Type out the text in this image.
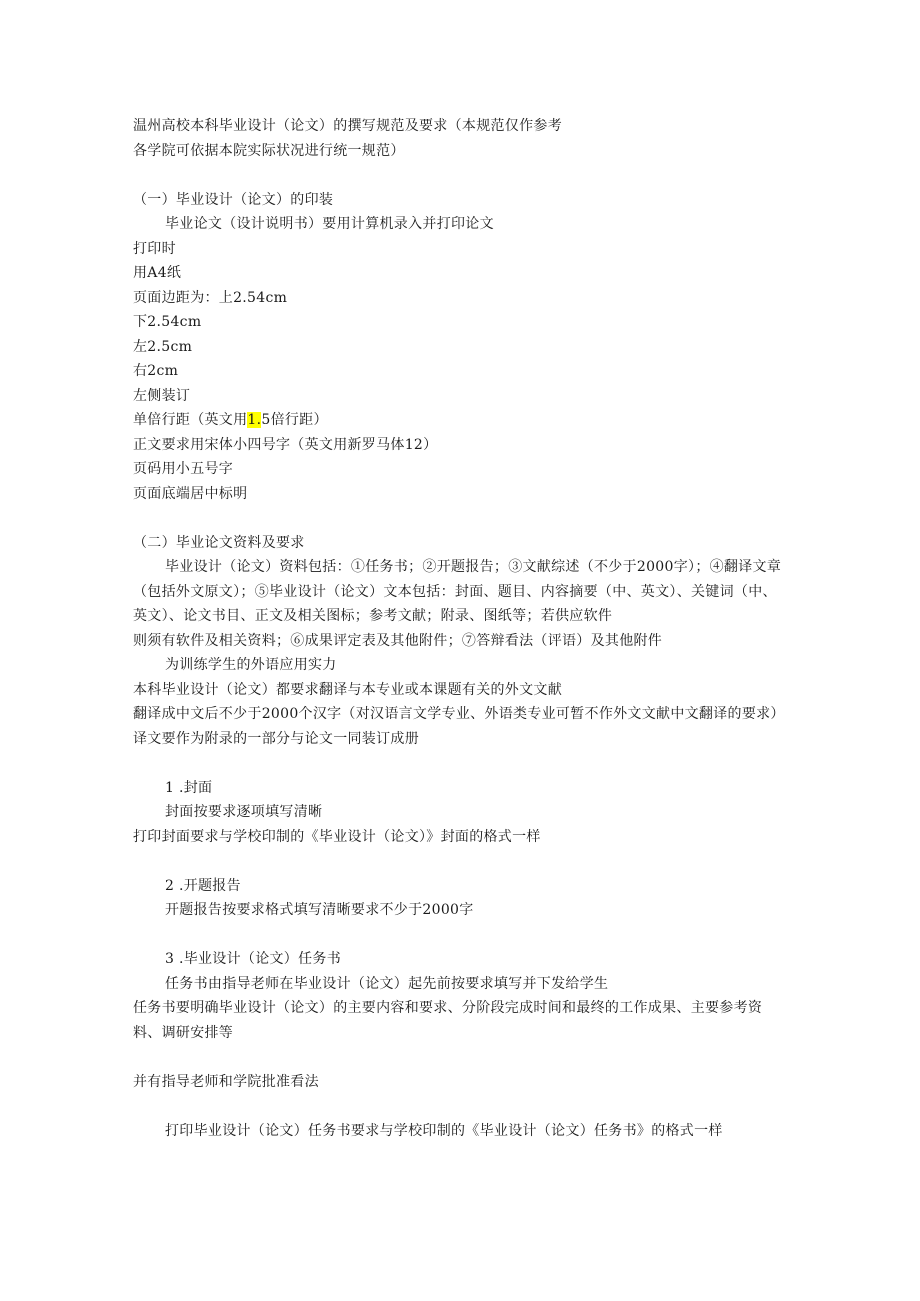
温州高校本科毕业设计（论文）的撰写规范及要求（本规范仅作参考

各学院可依据本院实际状况进行统一规范）

（一）毕业设计（论文）的印装

毕业论文（设计说明书）要用计算机录入并打印论文

打印时

用A4纸

页面边距为：上2.54cm

下2.54cm

左2.5cm

右2cm

左侧装订

单倍行距（英文用1.5倍行距）

正文要求用宋体小四号字（英文用新罗马体12）

页码用小五号字

页面底端居中标明

（二）毕业论文资料及要求

毕业设计（论文）资料包括：①任务书；②开题报告；③文献综述（不少于2000字）；④翻译文章（包括外文原文）；⑤毕业设计（论文）文本包括：封面、题目、内容摘要（中、英文）、关键词（中、英文）、论文书目、正文及相关图标；参考文献；附录、图纸等；若供应软件

则须有软件及相关资料；⑥成果评定表及其他附件；⑦答辩看法（评语）及其他附件

为训练学生的外语应用实力

本科毕业设计（论文）都要求翻译与本专业或本课题有关的外文文献

翻译成中文后不少于2000个汉字（对汉语言文学专业、外语类专业可暂不作外文文献中文翻译的要求）

译文要作为附录的一部分与论文一同装订成册

1 .封面

封面按要求逐项填写清晰

打印封面要求与学校印制的《毕业设计（论文）》封面的格式一样

2 .开题报告

开题报告按要求格式填写清晰要求不少于2000字

3 .毕业设计（论文）任务书

任务书由指导老师在毕业设计（论文）起先前按要求填写并下发给学生

任务书要明确毕业设计（论文）的主要内容和要求、分阶段完成时间和最终的工作成果、主要参考资料、调研安排等

并有指导老师和学院批准看法

打印毕业设计（论文）任务书要求与学校印制的《毕业设计（论文）任务书》的格式一样
